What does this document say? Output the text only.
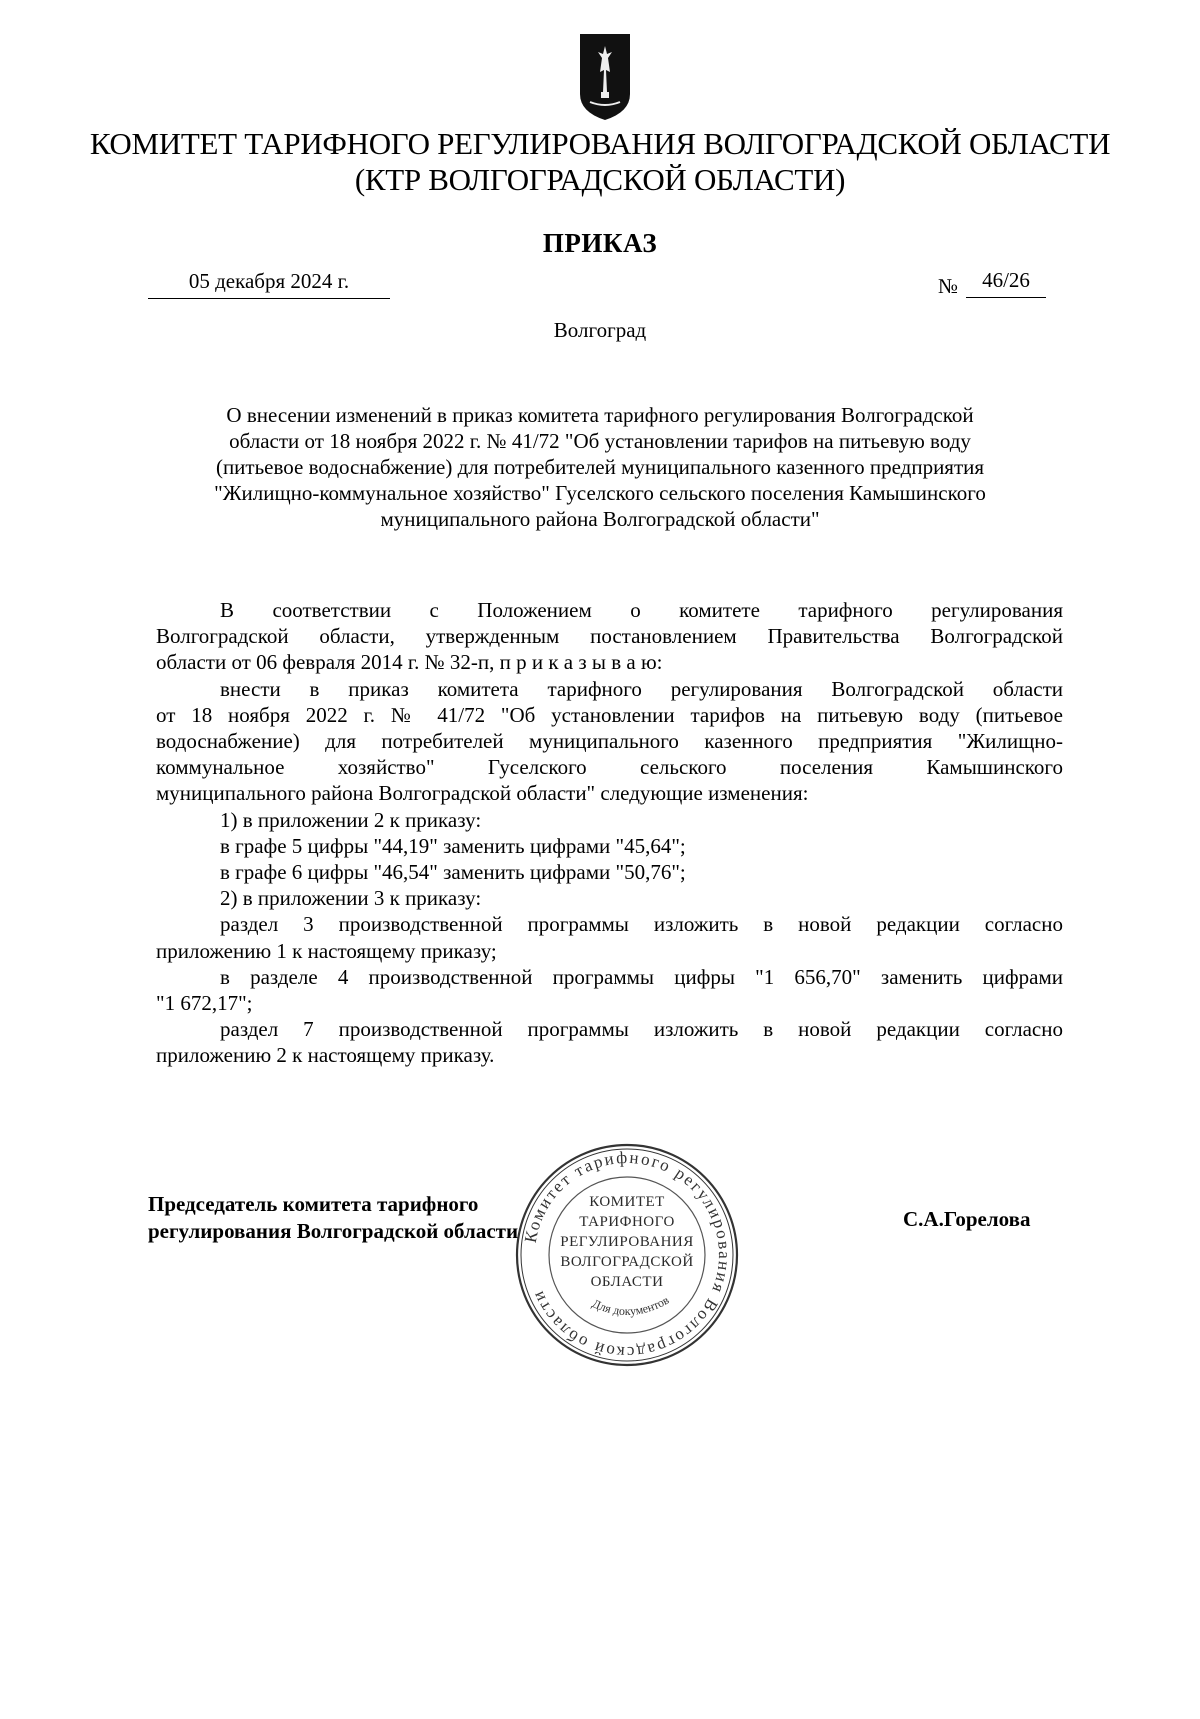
КОМИТЕТ ТАРИФНОГО РЕГУЛИРОВАНИЯ ВОЛГОГРАДСКОЙ ОБЛАСТИ
(КТР ВОЛГОГРАДСКОЙ ОБЛАСТИ)
ПРИКАЗ
05 декабря 2024 г.	№	46/26
Волгоград
О внесении изменений в приказ комитета тарифного регулирования Волгоградской
области от 18 ноября 2022 г. № 41/72 "Об установлении тарифов на питьевую воду
(питьевое водоснабжение) для потребителей муниципального казенного предприятия
"Жилищно-коммунальное хозяйство" Гуселского сельского поселения Камышинского
муниципального района Волгоградской области"
В соответствии с Положением о комитете тарифного регулирования
Волгоградской области, утвержденным постановлением Правительства Волгоградской
области от 06 февраля 2014 г. № 32-п, п р и к а з ы в а ю:
внести в приказ комитета тарифного регулирования Волгоградской области
от 18 ноября 2022 г. № 41/72 "Об установлении тарифов на питьевую воду (питьевое
водоснабжение) для потребителей муниципального казенного предприятия "Жилищно-
коммунальное хозяйство" Гуселского сельского поселения Камышинского
муниципального района Волгоградской области" следующие изменения:
1) в приложении 2 к приказу:
в графе 5 цифры "44,19" заменить цифрами "45,64";
в графе 6 цифры "46,54" заменить цифрами "50,76";
2) в приложении 3 к приказу:
раздел 3 производственной программы изложить в новой редакции согласно
приложению 1 к настоящему приказу;
в разделе 4 производственной программы цифры "1 656,70" заменить цифрами
"1 672,17";
раздел 7 производственной программы изложить в новой редакции согласно
приложению 2 к настоящему приказу.
Комитет тарифного регулирования Волгоградской области	Для документов
КОМИТЕТ
ТАРИФНОГО
РЕГУЛИРОВАНИЯ
ВОЛГОГРАДСКОЙ
ОБЛАСТИ
Председатель комитета тарифного
регулирования Волгоградской области	С.А.Горелова
